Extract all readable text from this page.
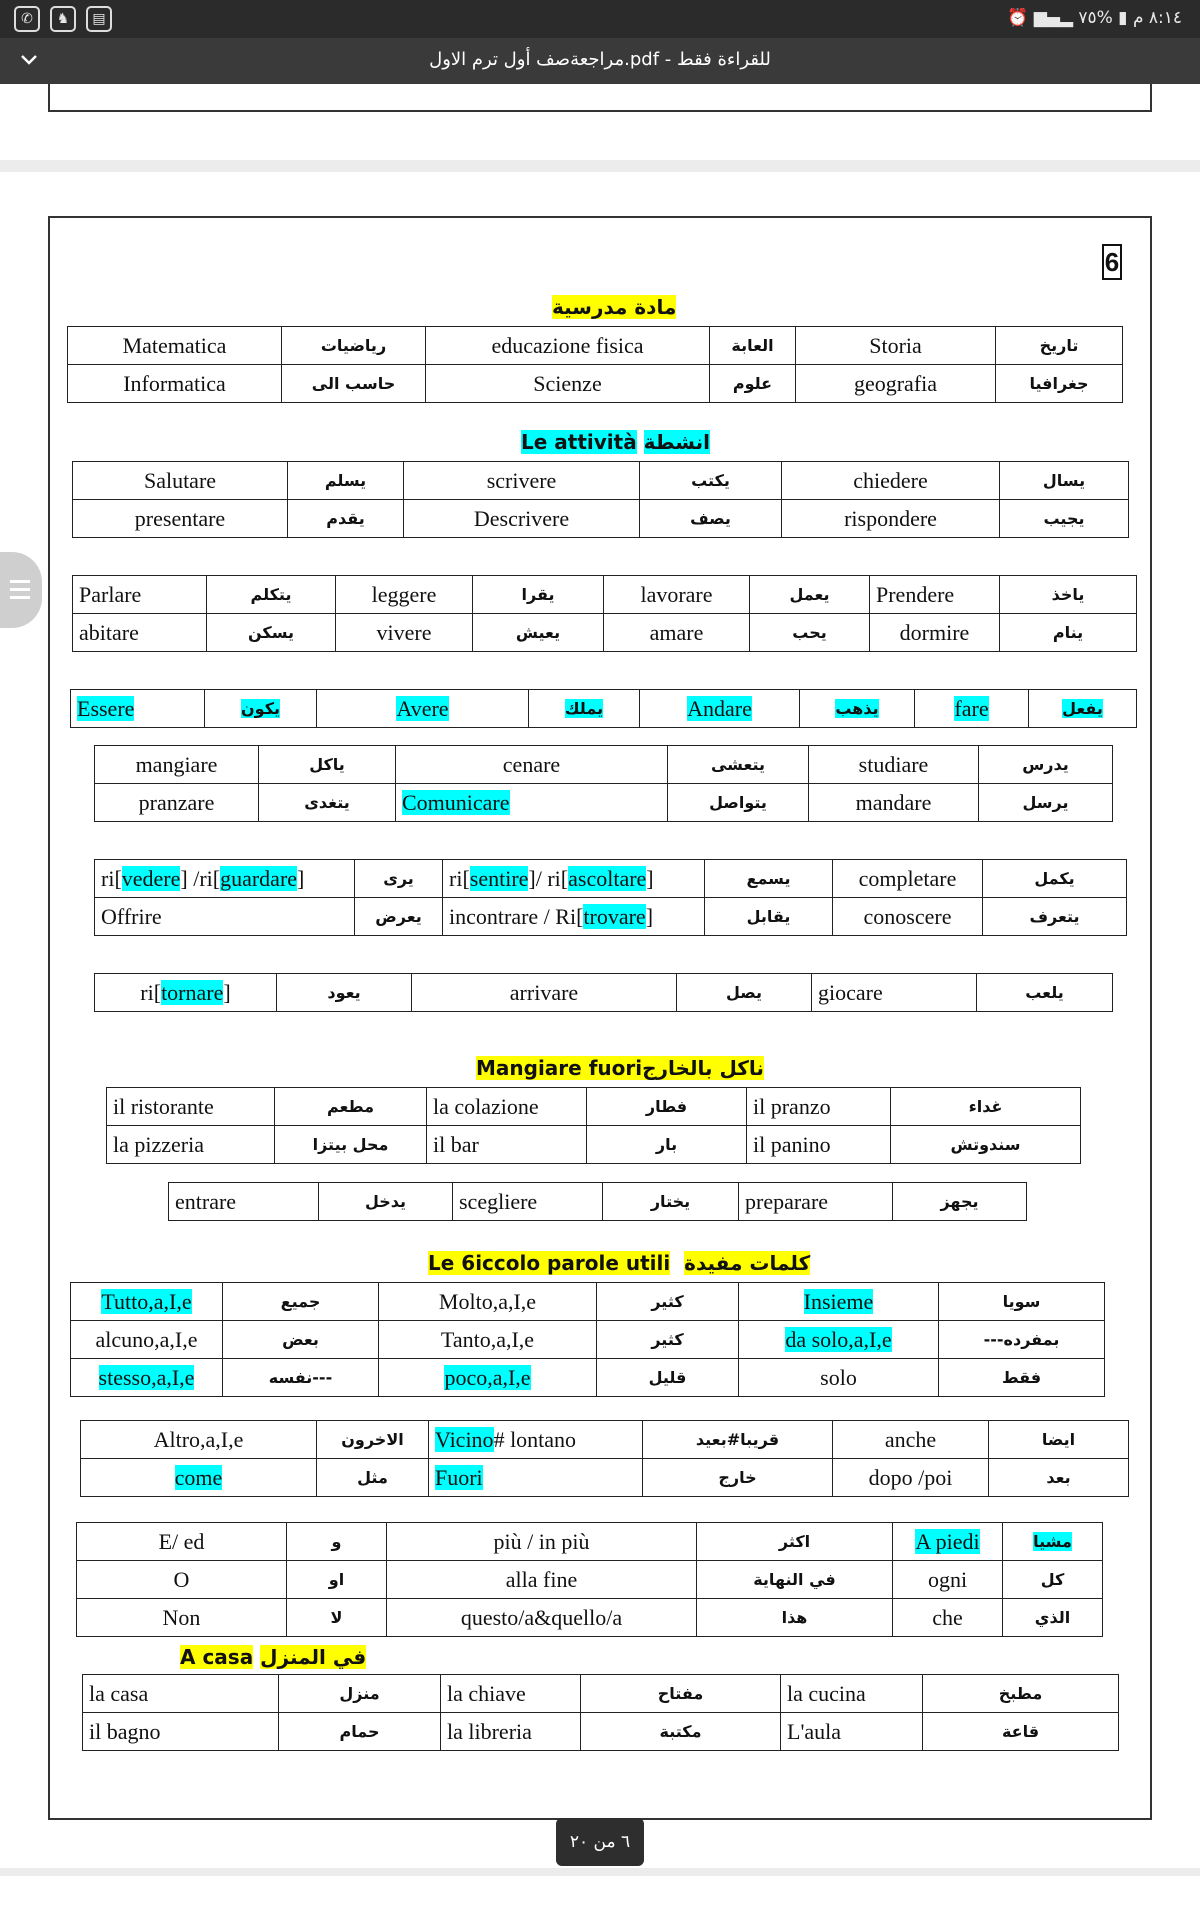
✆	♞	▤	٨:١٤ م ▮ %٧٥ ▂▄▆ ⏰
مراجعةصف أول ترم الاول.pdf - للقراءة فقط
6
مادة مدرسية
Matematica	رياضيات	educazione fisica	العابة	Storia	تاريخ
Informatica	حاسب الى	Scienze	علوم	geografia	جغرافيا
Le attività انشطة
Salutare	يسلم	scrivere	يكتب	chiedere	يسال
presentare	يقدم	Descrivere	يصف	rispondere	يجيب
Parlare	يتكلم	leggere	يقرا	lavorare	يعمل	Prendere	ياخذ
abitare	يسكن	vivere	يعيش	amare	يحب	dormire	ينام
Essere	يكون	Avere	يملك	Andare	يذهب	fare	يفعل
mangiare	ياكل	cenare	يتعشى	studiare	يدرس
pranzare	يتغدى	Comunicare	يتواصل	mandare	يرسل
ri[vedere] /ri[guardare]	يرى	ri[sentire]/ ri[ascoltare]	يسمع	completare	يكمل
Offrire	يعرض	incontrare / Ri[trovare]	يقابل	conoscere	يتعرف
ri[tornare]	يعود	arrivare	يصل	giocare	يلعب
Mangiare fuoriناكل بالخارج
il ristorante	مطعم	la colazione	فطار	il pranzo	غداء
la pizzeria	محل بيتزا	il bar	بار	il panino	سندوتش
entrare	يدخل	scegliere	يختار	preparare	يجهز
Le 6iccolo parole utili كلمات مفيدة
Tutto,a,I,e	جميع	Molto,a,I,e	كثير	Insieme	سويا
alcuno,a,I,e	بعض	Tanto,a,I,e	كثير	da solo,a,I,e	بمفرده---
stesso,a,I,e	---نفسه	poco,a,I,e	قليل	solo	فقط
Altro,a,I,e	الاخرون	Vicino# lontano	قريبا#بعيد	anche	ايضا
come	مثل	Fuori	خارج	dopo /poi	بعد
E/ ed	و	più / in più	اكثر	A piedi	مشيا
O	او	alla fine	في النهاية	ogni	كل
Non	لا	questo/a&quello/a	هذا	che	الذي
A casa في المنزل
la casa	منزل	la chiave	مفتاح	la cucina	مطبخ
il bagno	حمام	la libreria	مكتبة	L'aula	قاعة
٦ من ٢٠
